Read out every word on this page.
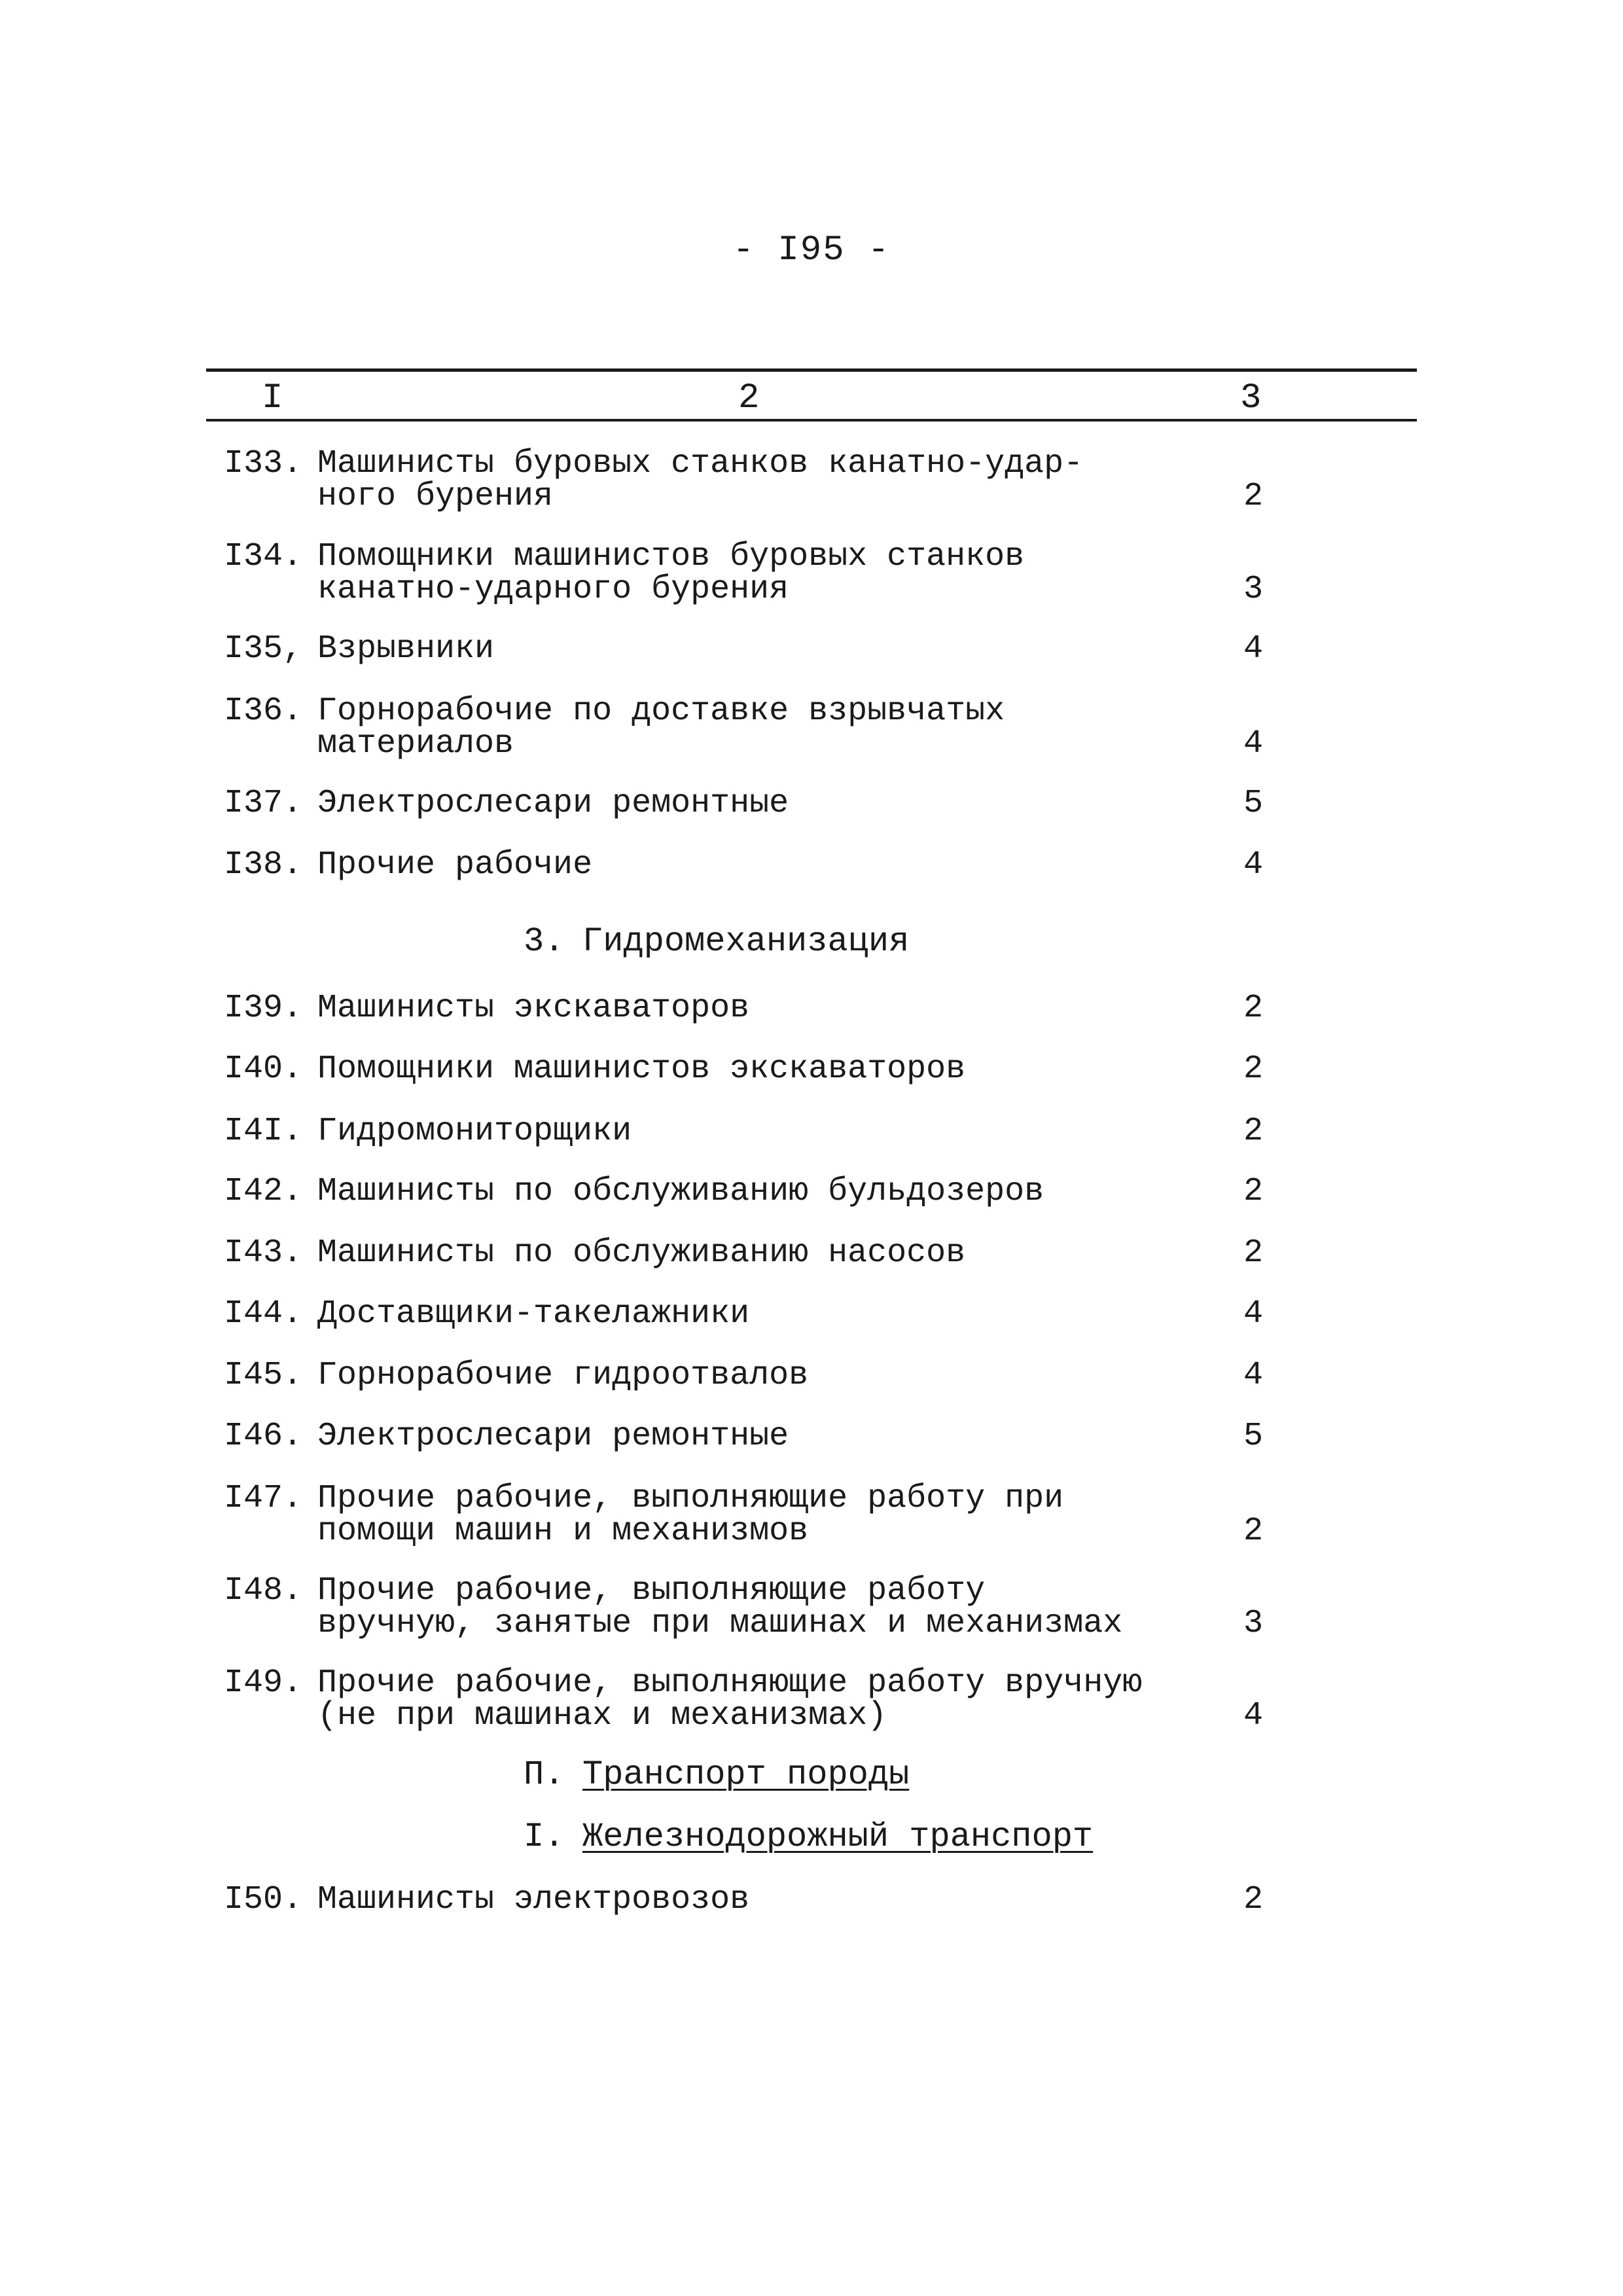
- I95 -
I	2	3
I33. Машинисты буровых станков канатно-удар-
ного бурения	2
I34. Помощники машинистов буровых станков
канатно-ударного бурения	3
I35, Взрывники	4
I36. Горнорабочие по доставке взрывчатых
материалов	4
I37. Электрослесари ремонтные	5
I38. Прочие рабочие	4
3. Гидромеханизация
I39. Машинисты экскаваторов	2
I40. Помощники машинистов экскаваторов	2
I4I. Гидромониторщики	2
I42. Машинисты по обслуживанию бульдозеров	2
I43. Машинисты по обслуживанию насосов	2
I44. Доставщики-такелажники	4
I45. Горнорабочие гидроотвалов	4
I46. Электрослесари ремонтные	5
I47. Прочие рабочие, выполняющие работу при
помощи машин и механизмов	2
I48. Прочие рабочие, выполняющие работу
вручную, занятые при машинах и механизмах	3
I49. Прочие рабочие, выполняющие работу вручную
(не при машинах и механизмах)	4
П. Транспорт породы
I. Железнодорожный транспорт
I50. Машинисты электровозов	2
